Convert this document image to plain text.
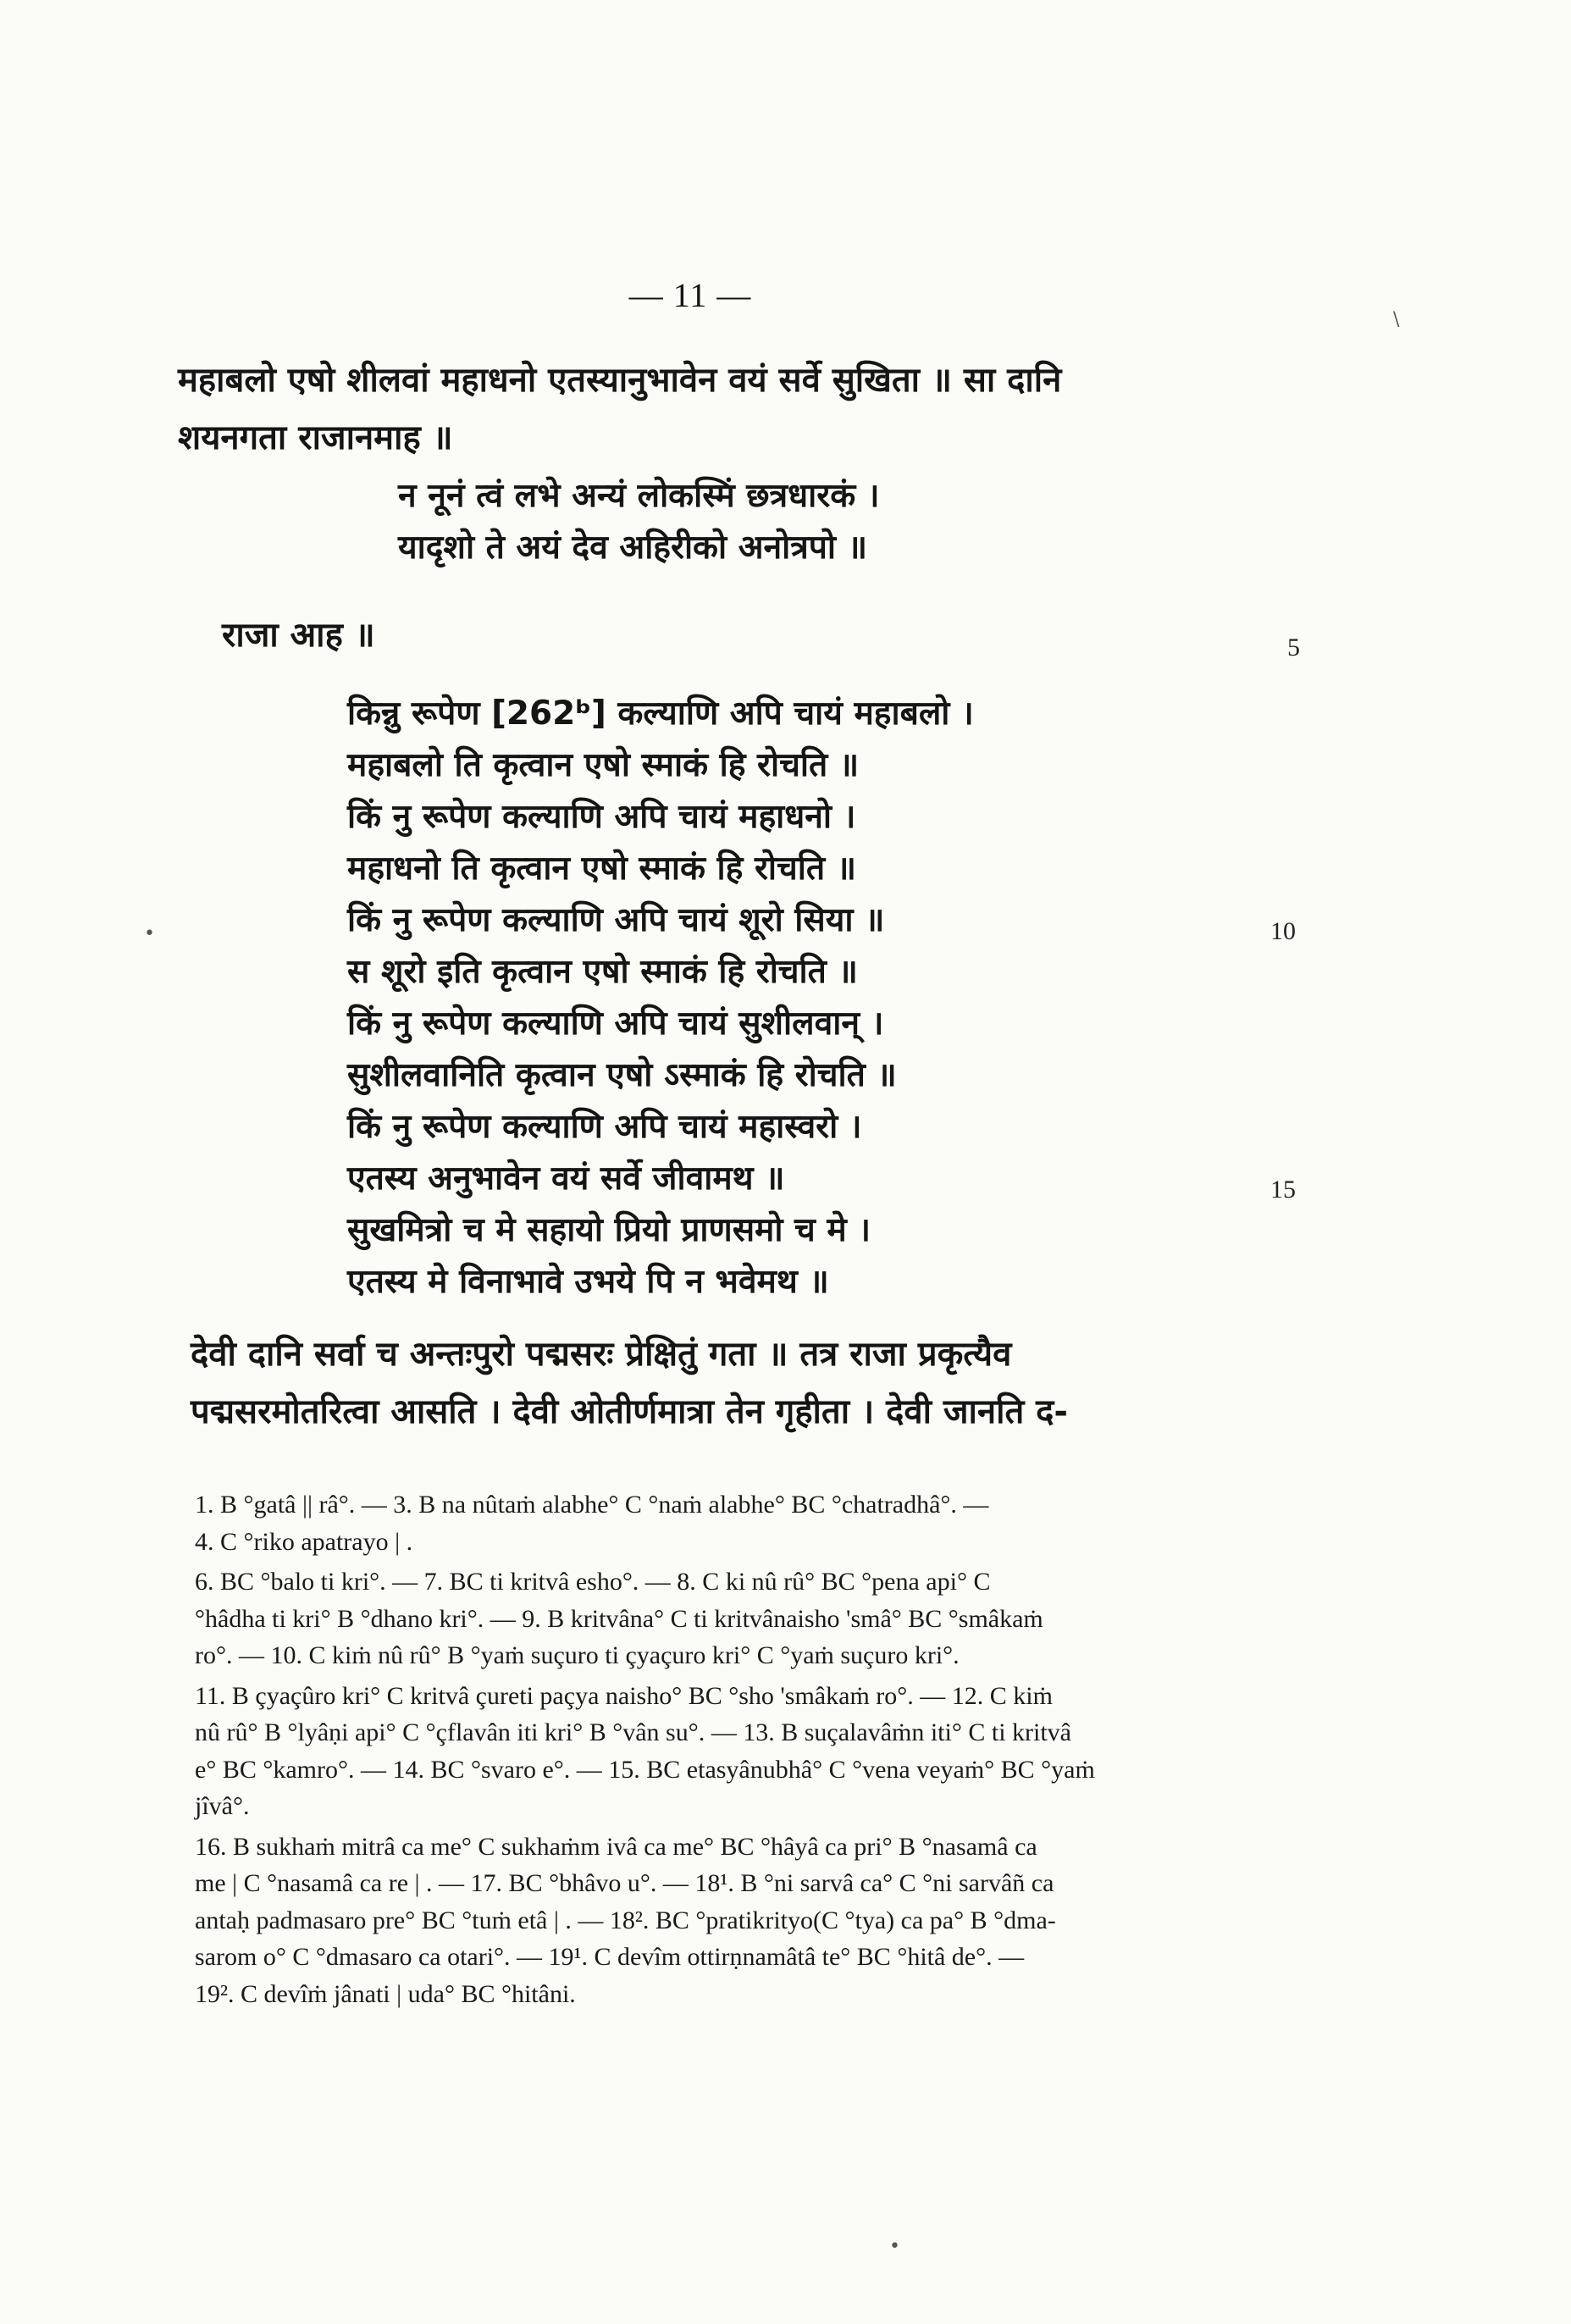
— 11 —
महाबलो एषो शीलवां महाधनो एतस्यानुभावेन वयं सर्वे सुखिता ॥ सा दानि
शयनगता राजानमाह ॥
न नूनं त्वं लभे अन्यं लोकस्मिं छत्रधारकं ।
यादृशो ते अयं देव अहिरीको अनोत्रपो ॥
राजा आह ॥
किन्नु रूपेण [262ᵇ] कल्याणि अपि चायं महाबलो ।
महाबलो ति कृत्वान एषो स्माकं हि रोचति ॥
किं नु रूपेण कल्याणि अपि चायं महाधनो ।
महाधनो ति कृत्वान एषो स्माकं हि रोचति ॥
किं नु रूपेण कल्याणि अपि चायं शूरो सिया ॥
स शूरो इति कृत्वान एषो स्माकं हि रोचति ॥
किं नु रूपेण कल्याणि अपि चायं सुशीलवान् ।
सुशीलवानिति कृत्वान एषो ऽस्माकं हि रोचति ॥
किं नु रूपेण कल्याणि अपि चायं महास्वरो ।
एतस्य अनुभावेन वयं सर्वे जीवामथ ॥
सुखमित्रो च मे सहायो प्रियो प्राणसमो च मे ।
एतस्य मे विनाभावे उभये पि न भवेमथ ॥
5
10
15
देवी दानि सर्वा च अन्तःपुरो पद्मसरः प्रेक्षितुं गता ॥ तत्र राजा प्रकृत्यैव
पद्मसरमोतरित्वा आसति । देवी ओतीर्णमात्रा तेन गृहीता । देवी जानति द-
1. B °gatâ || râ°. — 3. B na nûtaṁ alabhe° C °naṁ alabhe° BC °chatradhâ°. —
4. C °riko apatrayo | .
6. BC °balo ti kri°. — 7. BC ti kritvâ esho°. — 8. C ki nû rû° BC °pena api° C
°hâdha ti kri° B °dhano kri°. — 9. B kritvâna° C ti kritvânaisho 'smâ° BC °smâkaṁ
ro°. — 10. C kiṁ nû rû° B °yaṁ suçuro ti çyaçuro kri° C °yaṁ suçuro kri°.
11. B çyaçûro kri° C kritvâ çureti paçya naisho° BC °sho 'smâkaṁ ro°. — 12. C kiṁ
nû rû° B °lyâṇi api° C °çflavân iti kri° B °vân su°. — 13. B suçalavâṁn iti° C ti kritvâ
e° BC °kamro°. — 14. BC °svaro e°. — 15. BC etasyânubhâ° C °vena veyaṁ° BC °yaṁ
jîvâ°.
16. B sukhaṁ mitrâ ca me° C sukhaṁm ivâ ca me° BC °hâyâ ca pri° B °nasamâ ca
me | C °nasamâ ca re | . — 17. BC °bhâvo u°. — 18¹. B °ni sarvâ ca° C °ni sarvâñ ca
antaḥ padmasaro pre° BC °tuṁ etâ | . — 18². BC °pratikrityo(C °tya) ca pa° B °dma-
sarom o° C °dmasaro ca otari°. — 19¹. C devîm ottirṇnamâtâ te° BC °hitâ de°. —
19². C devîṁ jânati | uda° BC °hitâni.
\
•
•
